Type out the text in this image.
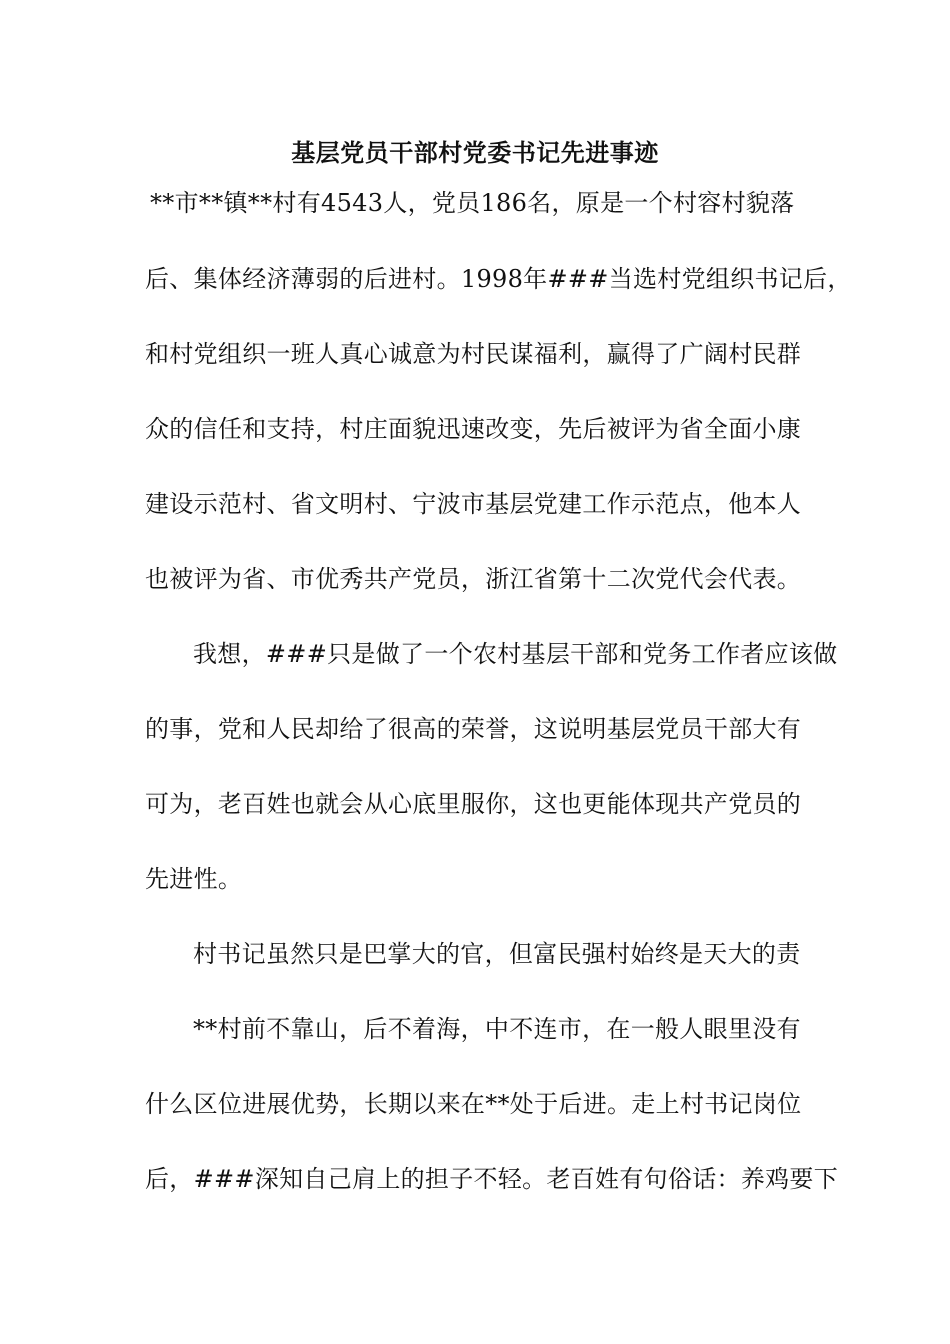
基层党员干部村党委书记先进事迹
**市**镇**村有4543人，党员186名，原是一个村容村貌落
后、集体经济薄弱的后进村。1998年###当选村党组织书记后，
和村党组织一班人真心诚意为村民谋福利，赢得了广阔村民群
众的信任和支持，村庄面貌迅速改变，先后被评为省全面小康
建设示范村、省文明村、宁波市基层党建工作示范点，他本人
也被评为省、市优秀共产党员，浙江省第十二次党代会代表。
我想，###只是做了一个农村基层干部和党务工作者应该做
的事，党和人民却给了很高的荣誉，这说明基层党员干部大有
可为，老百姓也就会从心底里服你，这也更能体现共产党员的
先进性。
村书记虽然只是巴掌大的官，但富民强村始终是天大的责
**村前不靠山，后不着海，中不连市，在一般人眼里没有
什么区位进展优势，长期以来在**处于后进。走上村书记岗位
后，###深知自己肩上的担子不轻。老百姓有句俗话：养鸡要下
